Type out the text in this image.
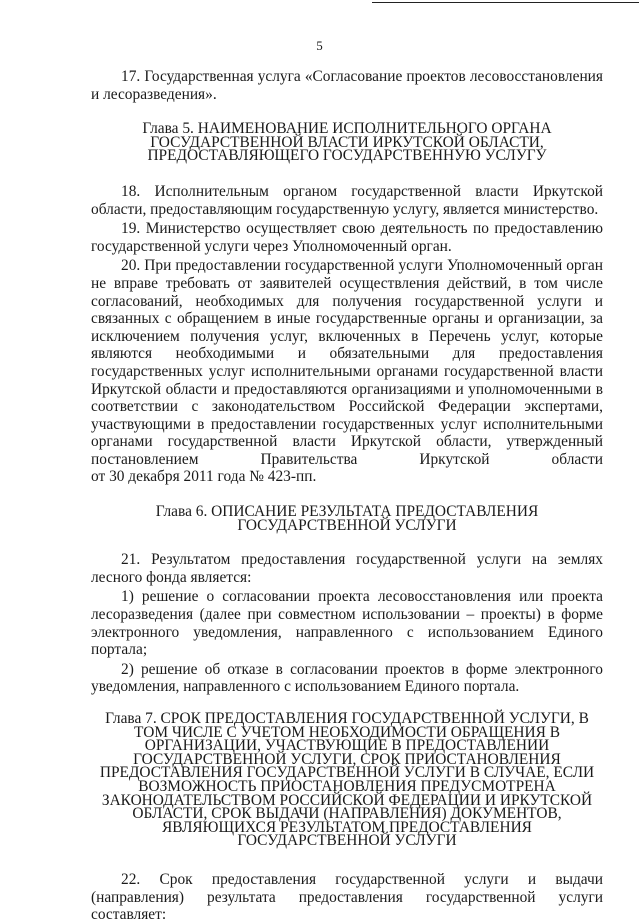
5

17. Государственная услуга «Согласование проектов лесовосстановления и лесоразведения».

Глава 5. НАИМЕНОВАНИЕ ИСПОЛНИТЕЛЬНОГО ОРГАНА
ГОСУДАРСТВЕННОЙ ВЛАСТИ ИРКУТСКОЙ ОБЛАСТИ,
ПРЕДОСТАВЛЯЮЩЕГО ГОСУДАРСТВЕННУЮ УСЛУГУ

18. Исполнительным органом государственной власти Иркутской области, предоставляющим государственную услугу, является министерство.

19. Министерство осуществляет свою деятельность по предоставлению государственной услуги через Уполномоченный орган.

20. При предоставлении государственной услуги Уполномоченный орган не вправе требовать от заявителей осуществления действий, в том числе согласований, необходимых для получения государственной услуги и связанных с обращением в иные государственные органы и организации, за исключением получения услуг, включенных в Перечень услуг, которые являются необходимыми и обязательными для предоставления государственных услуг исполнительными органами государственной власти Иркутской области и предоставляются организациями и уполномоченными в соответствии с законодательством Российской Федерации экспертами, участвующими в предоставлении государственных услуг исполнительными органами государственной власти Иркутской области, утвержденный постановлением Правительства Иркутской области

от 30 декабря 2011 года № 423-пп.

Глава 6. ОПИСАНИЕ РЕЗУЛЬТАТА ПРЕДОСТАВЛЕНИЯ
ГОСУДАРСТВЕННОЙ УСЛУГИ

21. Результатом предоставления государственной услуги на землях лесного фонда является:

1) решение о согласовании проекта лесовосстановления или проекта лесоразведения (далее при совместном использовании – проекты) в форме электронного уведомления, направленного с использованием Единого портала;

2) решение об отказе в согласовании проектов в форме электронного уведомления, направленного с использованием Единого портала.

Глава 7. СРОК ПРЕДОСТАВЛЕНИЯ ГОСУДАРСТВЕННОЙ УСЛУГИ, В
ТОМ ЧИСЛЕ С УЧЕТОМ НЕОБХОДИМОСТИ ОБРАЩЕНИЯ В
ОРГАНИЗАЦИИ, УЧАСТВУЮЩИЕ В ПРЕДОСТАВЛЕНИИ
ГОСУДАРСТВЕННОЙ УСЛУГИ, СРОК ПРИОСТАНОВЛЕНИЯ
ПРЕДОСТАВЛЕНИЯ ГОСУДАРСТВЕННОЙ УСЛУГИ В СЛУЧАЕ, ЕСЛИ
ВОЗМОЖНОСТЬ ПРИОСТАНОВЛЕНИЯ ПРЕДУСМОТРЕНА
ЗАКОНОДАТЕЛЬСТВОМ РОССИЙСКОЙ ФЕДЕРАЦИИ И ИРКУТСКОЙ
ОБЛАСТИ, СРОК ВЫДАЧИ (НАПРАВЛЕНИЯ) ДОКУМЕНТОВ,
ЯВЛЯЮЩИХСЯ РЕЗУЛЬТАТОМ ПРЕДОСТАВЛЕНИЯ
ГОСУДАРСТВЕННОЙ УСЛУГИ

22. Срок предоставления государственной услуги и выдачи (направления) результата предоставления государственной услуги составляет:
